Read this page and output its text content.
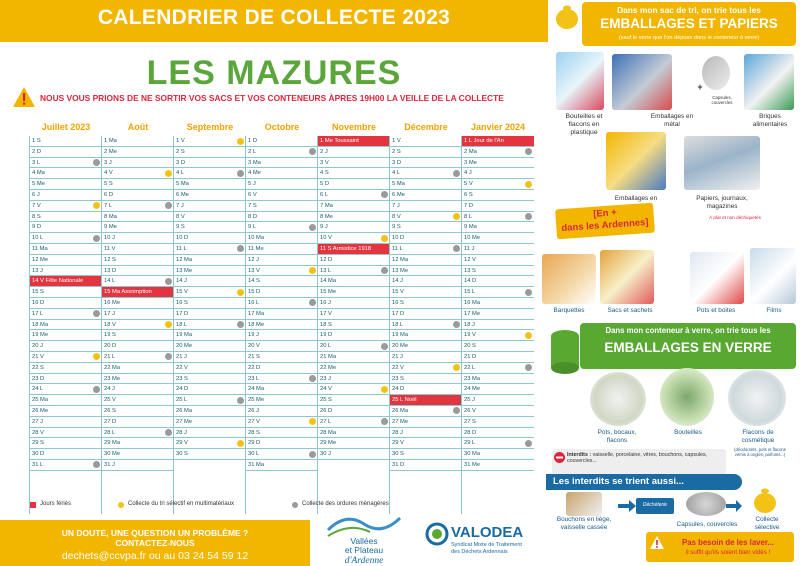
CALENDRIER DE COLLECTE 2023
LES MAZURES
NOUS VOUS PRIONS DE NE SORTIR VOS SACS ET VOS CONTENEURS ÀPRES 19H00 LA VEILLE DE LA COLLECTE
Juillet 2023
1 S
2 D
3 L
4 Ma
5 Me
6 J
7 V
8 S
9 D
10 L
11 Ma
12 Me
13 J
14 V Fête Nationale
15 S
16 D
17 L
18 Ma
19 Me
20 J
21 V
22 S
23 D
24 L
25 Ma
26 Me
27 J
28 V
29 S
30 D
31 L
Août
1 Ma
2 Me
3 J
4 V
5 S
6 D
7 L
8 Ma
9 Me
10 J
11 V
12 S
13 D
14 L
15 Ma Assomption
16 Me
17 J
18 V
19 S
20 D
21 L
22 Ma
23 Me
24 J
25 V
26 S
27 D
28 L
29 Ma
30 Me
31 J
Septembre
1 V
2 S
3 D
4 L
5 Ma
6 Me
7 J
8 V
9 S
10 D
11 L
12 Ma
13 Me
14 J
15 V
16 S
17 D
18 L
19 Ma
20 Me
21 J
22 V
23 S
24 D
25 L
26 Ma
27 Me
28 J
29 V
30 S
Octobre
1 D
2 L
3 Ma
4 Me
5 J
6 V
7 S
8 D
9 L
10 Ma
11 Me
12 J
13 V
14 S
15 D
16 L
17 Ma
18 Me
19 J
20 V
21 S
22 D
23 L
24 Ma
25 Me
26 J
27 V
28 S
29 D
30 L
31 Ma
Novembre
1 Me Toussaint
2 J
3 V
4 S
5 D
6 L
7 Ma
8 Me
9 J
10 V
11 S Armistice 1918
12 D
13 L
14 Ma
15 Me
16 J
17 V
18 S
19 D
20 L
21 Ma
22 Me
23 J
24 V
25 S
26 D
27 L
28 Ma
29 Me
30 J
Décembre
1 V
2 S
3 D
4 L
5 Ma
6 Me
7 J
8 V
9 S
10 D
11 L
12 Ma
13 Me
14 J
15 V
16 S
17 D
18 L
19 Ma
20 Me
21 J
22 V
23 S
24 D
25 L Noël
26 Ma
27 Me
28 J
29 V
30 S
31 D
Janvier 2024
1 L Jour de l'An
2 Ma
3 Me
4 J
5 V
6 S
7 D
8 L
9 Ma
10 Me
11 J
12 V
13 S
14 D
15 L
16 Ma
17 Me
18 J
19 V
20 S
21 D
22 L
23 Ma
24 Me
25 J
26 V
27 S
28 D
29 L
30 Ma
31 Me
Jours fériés	Collecte du tri sélectif en multimatériaux	Collecte des ordures ménagères
UN DOUTE, UNE QUESTION UN PROBLÈME ?
CONTACTEZ-NOUS
dechets@ccvpa.fr ou au 03 24 54 59 12
Vallées
et Plateau
d'Ardenne
VALODEA
Syndicat Mixte de Traitement
des Déchets Ardennais
Dans mon sac de tri, on trie tous les
EMBALLAGES ET PAPIERS
(sauf le verre que l'on dépose dans le conteneur à verre)
Bouteilles et flacons en plastique
Emballages en métal
+
Capsules, couvercles
Briques alimentaires
Emballages en	Papiers, journaux, magazines
À plat et non déchiquetés
[En +
dans les Ardennes]
Barquettes	Sacs et sachets	Pots et boites	Films
Dans mon conteneur à verre, on trie tous les
EMBALLAGES EN VERRE
Pots, bocaux, flacons
Bouteilles	Flacons de cosmétique
(déodorants, pots et flacons vernis à ongles, parfums...)
Interdits : vaisselle, porcelaine, vitres, bouchons, capsules, couvercles...
Les interdits se trient aussi...
Bouchons en liège, vaisselle cassée
Déchèterie
Capsules, couvercles
Collecte sélective
Pas besoin de les laver...
il suffit qu'ils soient bien vidés !
